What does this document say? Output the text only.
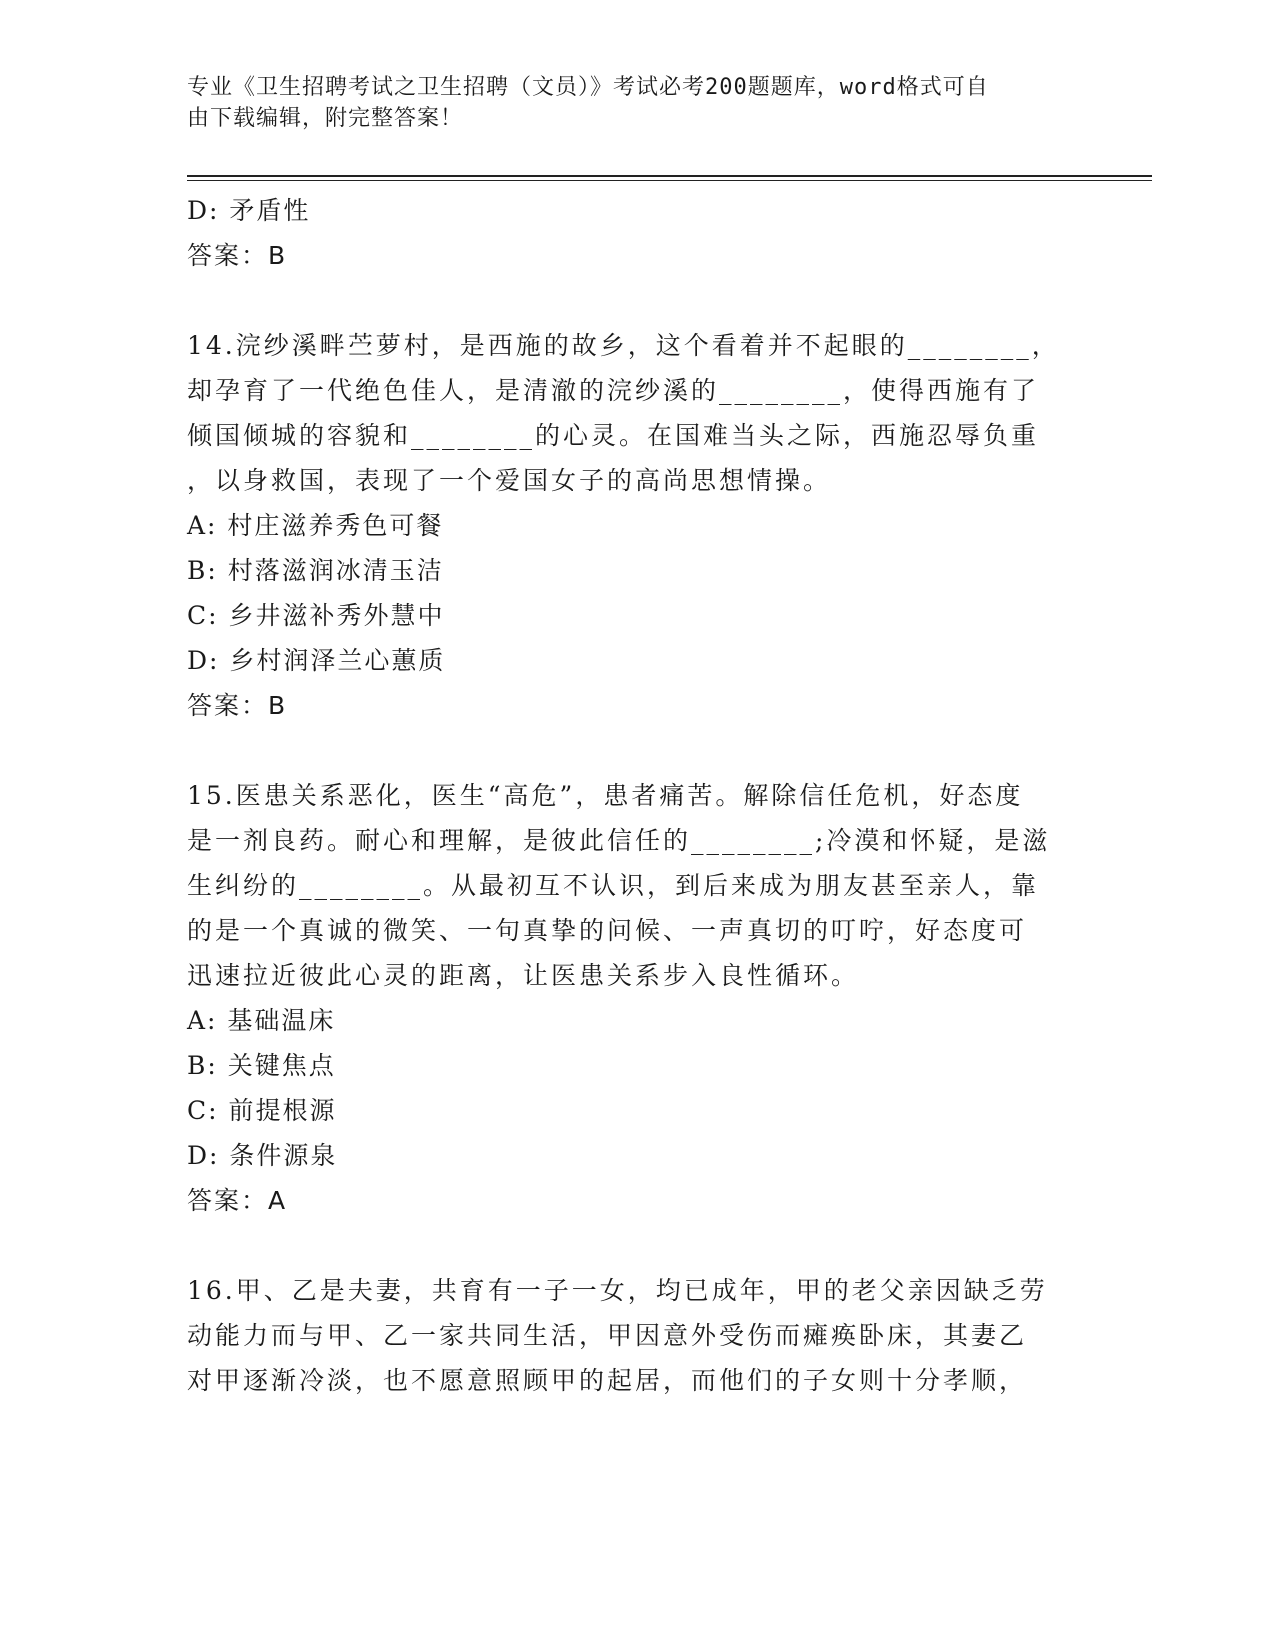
专业《卫生招聘考试之卫生招聘（文员）》考试必考200题题库，word格式可自
由下载编辑，附完整答案！
D: 矛盾性
答案：B
14.浣纱溪畔苎萝村，是西施的故乡，这个看着并不起眼的________，
却孕育了一代绝色佳人，是清澈的浣纱溪的________，使得西施有了
倾国倾城的容貌和________的心灵。在国难当头之际，西施忍辱负重
，以身救国，表现了一个爱国女子的高尚思想情操。
A: 村庄滋养秀色可餐
B: 村落滋润冰清玉洁
C: 乡井滋补秀外慧中
D: 乡村润泽兰心蕙质
答案：B
15.医患关系恶化，医生“高危”，患者痛苦。解除信任危机，好态度
是一剂良药。耐心和理解，是彼此信任的________;冷漠和怀疑，是滋
生纠纷的________。从最初互不认识，到后来成为朋友甚至亲人，靠
的是一个真诚的微笑、一句真挚的问候、一声真切的叮咛，好态度可
迅速拉近彼此心灵的距离，让医患关系步入良性循环。
A: 基础温床
B: 关键焦点
C: 前提根源
D: 条件源泉
答案：A
16.甲、乙是夫妻，共育有一子一女，均已成年，甲的老父亲因缺乏劳
动能力而与甲、乙一家共同生活，甲因意外受伤而瘫痪卧床，其妻乙
对甲逐渐冷淡，也不愿意照顾甲的起居，而他们的子女则十分孝顺，
